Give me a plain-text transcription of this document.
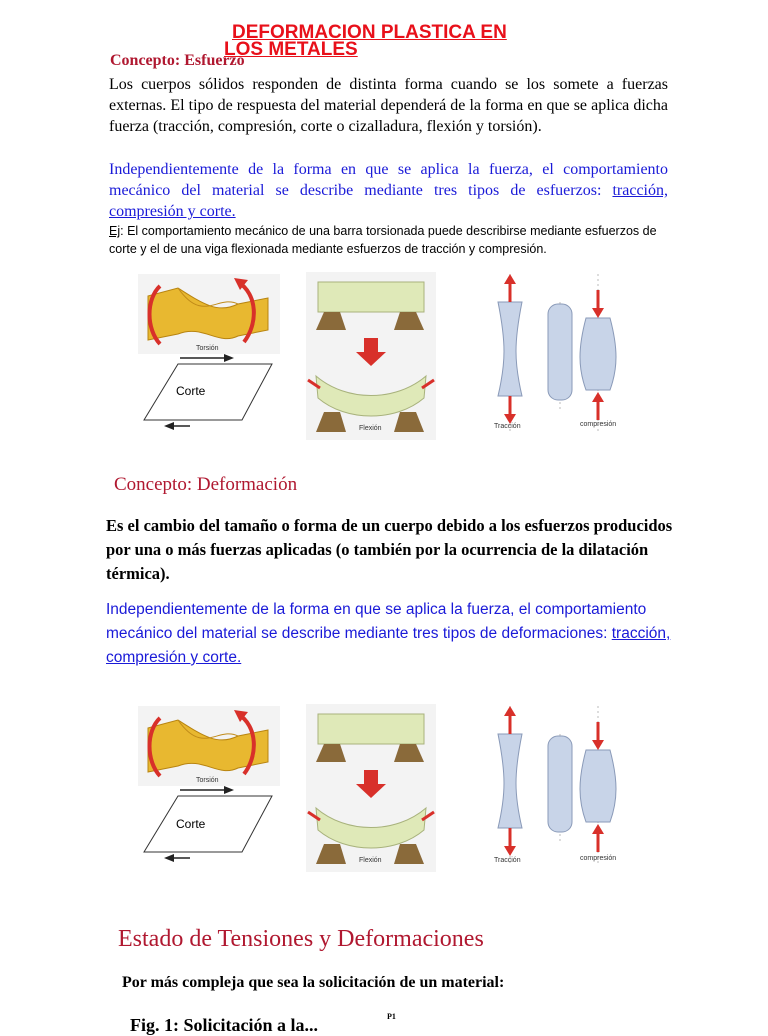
DEFORMACION PLASTICA EN
LOS METALES
Concepto: Esfuerzo
Los cuerpos sólidos responden de distinta forma cuando se los somete a fuerzas externas. El tipo de respuesta del material dependerá de la forma en que se aplica dicha fuerza (tracción, compresión, corte o cizalladura, flexión y torsión).
Independientemente de la forma en que se aplica la fuerza, el comportamiento mecánico del material se describe mediante tres tipos de esfuerzos: tracción, compresión y corte.
Ej: El comportamiento mecánico de una barra torsionada puede describirse mediante esfuerzos de corte y el de una viga flexionada mediante esfuerzos de tracción y compresión.
Torsión
Corte
Flexión	Tracción	compresión
Concepto: Deformación
Es el cambio del tamaño o forma de un cuerpo debido a los esfuerzos producidos por una o más fuerzas aplicadas (o también por la ocurrencia de la dilatación térmica).
Independientemente de la forma en que se aplica la fuerza, el comportamiento mecánico del material se describe mediante tres tipos de deformaciones: tracción, compresión y corte.
Torsión
Corte
Flexión	Tracción	compresión
Estado de Tensiones y Deformaciones
Por más compleja que sea la solicitación de un material:
Fig. 1: Solicitación a la...	P1
